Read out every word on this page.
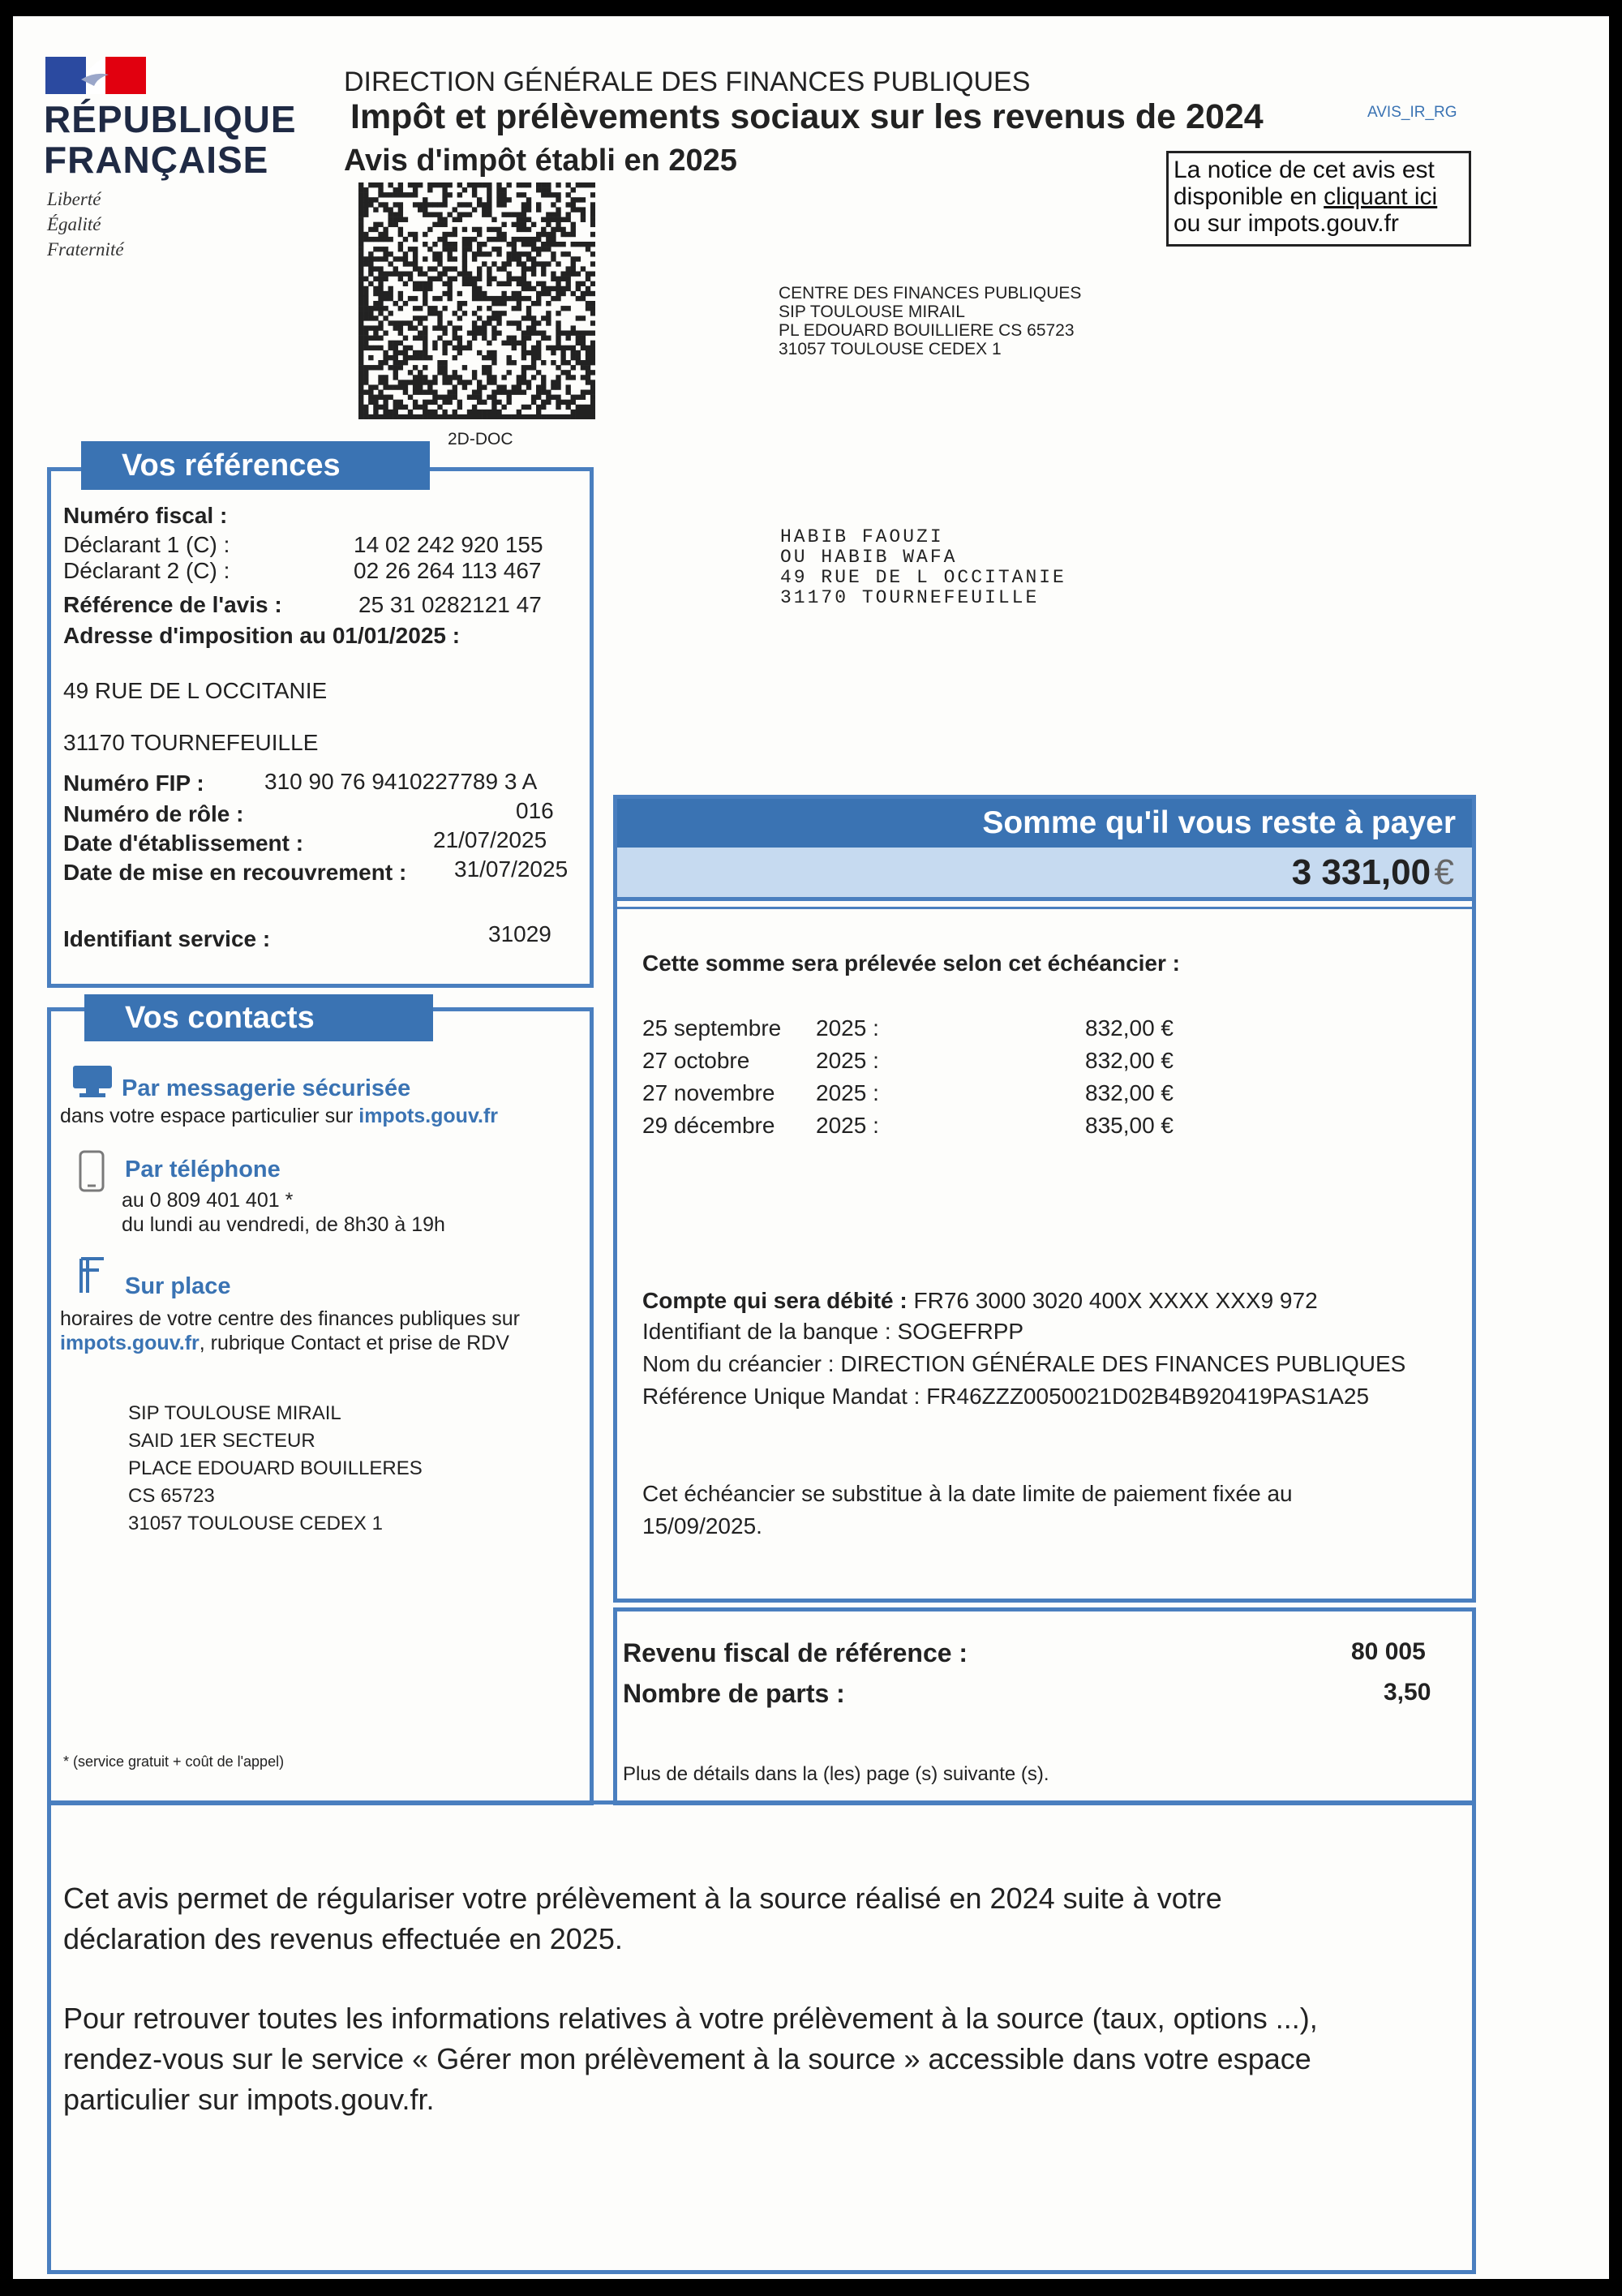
RÉPUBLIQUE
FRANÇAISE
Liberté
Égalité
Fraternité
DIRECTION GÉNÉRALE DES FINANCES PUBLIQUES
Impôt et prélèvements sociaux sur les revenus de 2024	AVIS_IR_RG
Avis d'impôt établi en 2025	La notice de cet avis est
disponible en cliquant ici
ou sur impots.gouv.fr
2D-DOC
CENTRE DES FINANCES PUBLIQUES
SIP TOULOUSE MIRAIL
PL EDOUARD BOUILLIERE CS 65723
31057 TOULOUSE CEDEX 1
HABIB FAOUZI
OU HABIB WAFA
49 RUE DE L OCCITANIE
31170 TOURNEFEUILLE
Vos références
Numéro fiscal :
Déclarant 1 (C) :	14 02 242 920 155
Déclarant 2 (C) :	02 26 264 113 467
Référence de l'avis :	25 31 0282121 47
Adresse d'imposition au 01/01/2025 :
49 RUE DE L OCCITANIE
31170 TOURNEFEUILLE
Numéro FIP :	310 90 76 9410227789 3 A
Numéro de rôle :	016
Date d'établissement :	21/07/2025
Date de mise en recouvrement : 31/07/2025
Identifiant service :	31029
Vos contacts
Par messagerie sécurisée
dans votre espace particulier sur impots.gouv.fr
Par téléphone
au 0 809 401 401 *
du lundi au vendredi, de 8h30 à 19h
Sur place
horaires de votre centre des finances publiques sur
impots.gouv.fr, rubrique Contact et prise de RDV
SIP TOULOUSE MIRAIL
SAID 1ER SECTEUR
PLACE EDOUARD BOUILLERES
CS 65723
31057 TOULOUSE CEDEX 1
* (service gratuit + coût de l'appel)
Somme qu'il vous reste à payer
3 331,00 €
Cette somme sera prélevée selon cet échéancier :
25 septembre 2025 :	832,00 €
27 octobre	2025 :	832,00 €
27 novembre 2025 :	832,00 €
29 décembre 2025 :	835,00 €
Compte qui sera débité : FR76 3000 3020 400X XXXX XXX9 972
Identifiant de la banque : SOGEFRPP
Nom du créancier : DIRECTION GÉNÉRALE DES FINANCES PUBLIQUES
Référence Unique Mandat : FR46ZZZ0050021D02B4B920419PAS1A25
Cet échéancier se substitue à la date limite de paiement fixée au
15/09/2025.
Revenu fiscal de référence :	80 005
Nombre de parts :	3,50
Plus de détails dans la (les) page (s) suivante (s).
Cet avis permet de régulariser votre prélèvement à la source réalisé en 2024 suite à votre
déclaration des revenus effectuée en 2025.
Pour retrouver toutes les informations relatives à votre prélèvement à la source (taux, options ...),
rendez-vous sur le service « Gérer mon prélèvement à la source » accessible dans votre espace
particulier sur impots.gouv.fr.
